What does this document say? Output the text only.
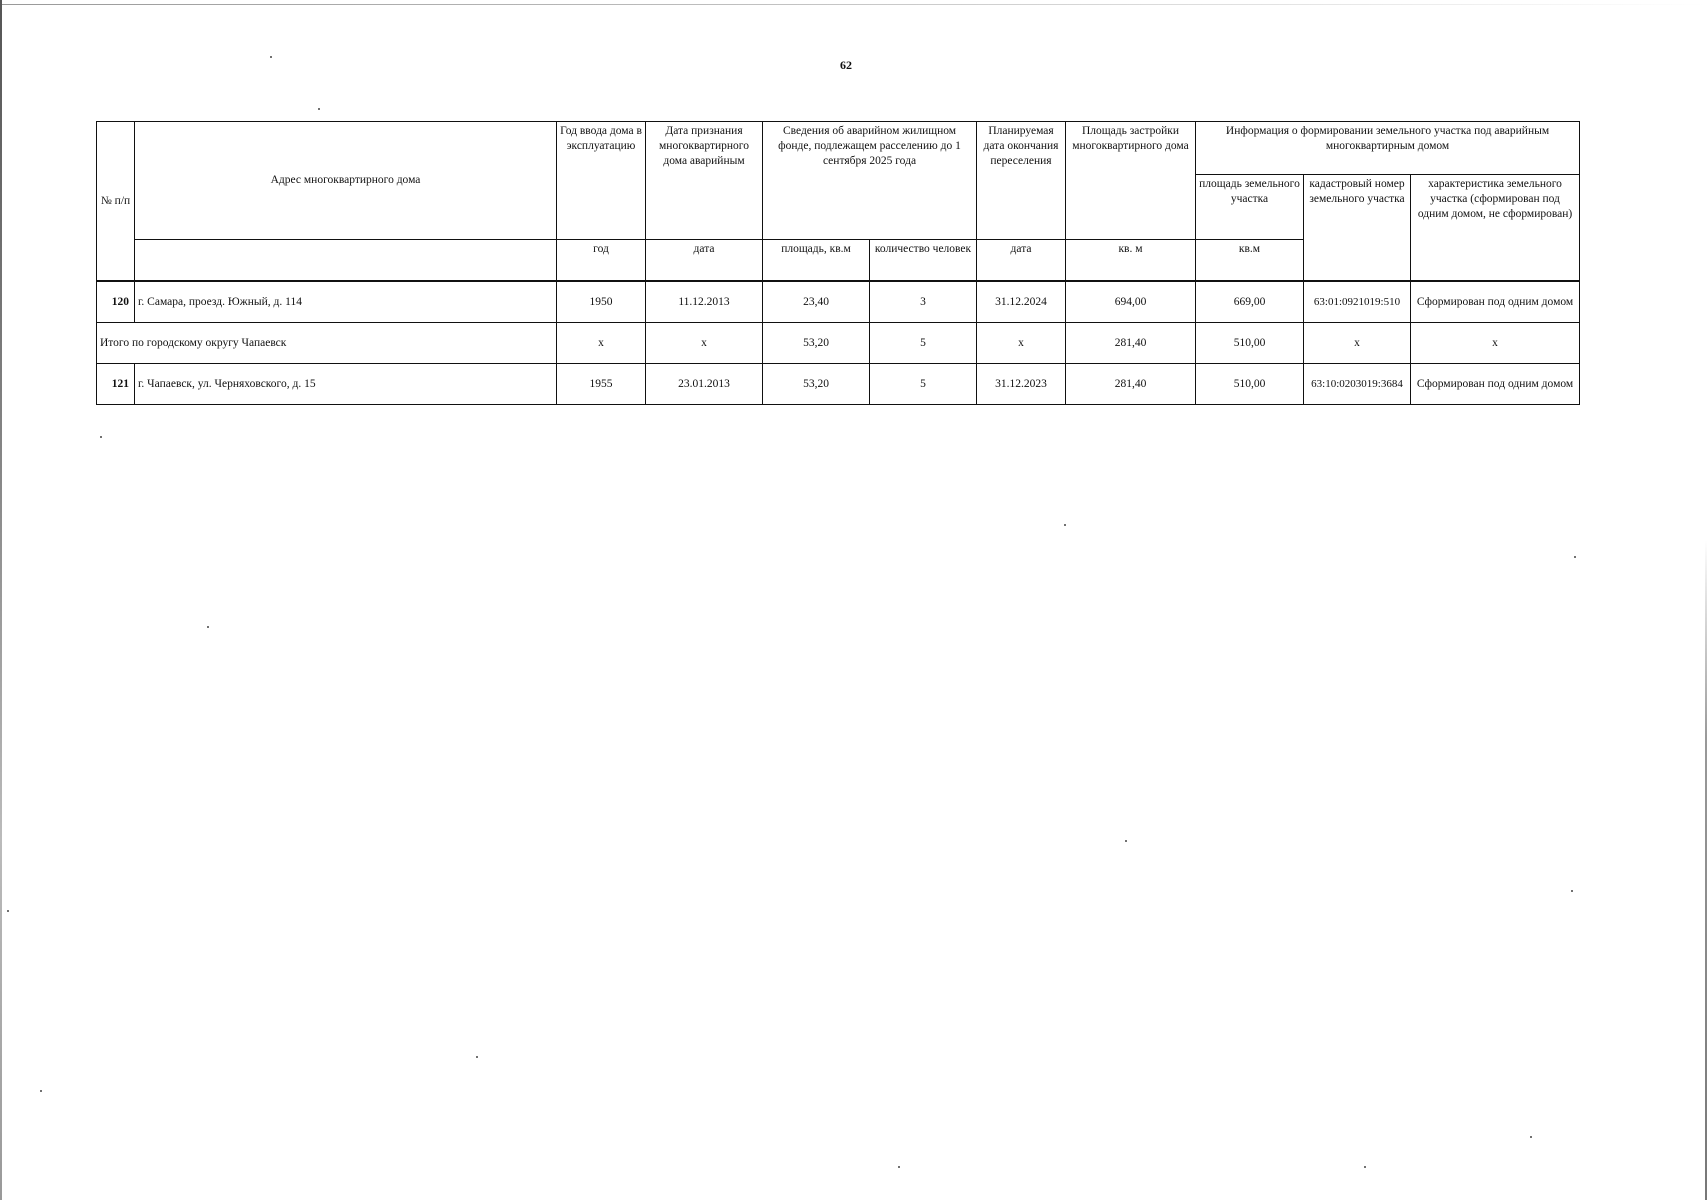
62
№ п/п	Адрес многоквартирного дома	Год ввода дома в эксплуатацию	Дата признания многоквартирного дома аварийным	Сведения об аварийном жилищном фонде, подлежащем расселению до 1 сентября 2025 года		Планируемая дата окончания переселения	Площадь застройки многоквартирного дома	Информация о формировании земельного участка под аварийным многоквартирным домом		
								площадь земельного участка	кадастровый номер земельного участка	характеристика земельного участка (сформирован под одним домом, не сформирован)
		год	дата	площадь, кв.м	количество человек	дата	кв. м	кв.м		
120	г. Самара, проезд. Южный, д. 114	1950	11.12.2013	23,40	3	31.12.2024	694,00	669,00	63:01:0921019:510	Сформирован под одним домом
Итого по городскому округу Чапаевск		x	x	53,20	5	x	281,40	510,00	x	x
121	г. Чапаевск, ул. Черняховского, д. 15	1955	23.01.2013	53,20	5	31.12.2023	281,40	510,00	63:10:0203019:3684	Сформирован под одним домом
